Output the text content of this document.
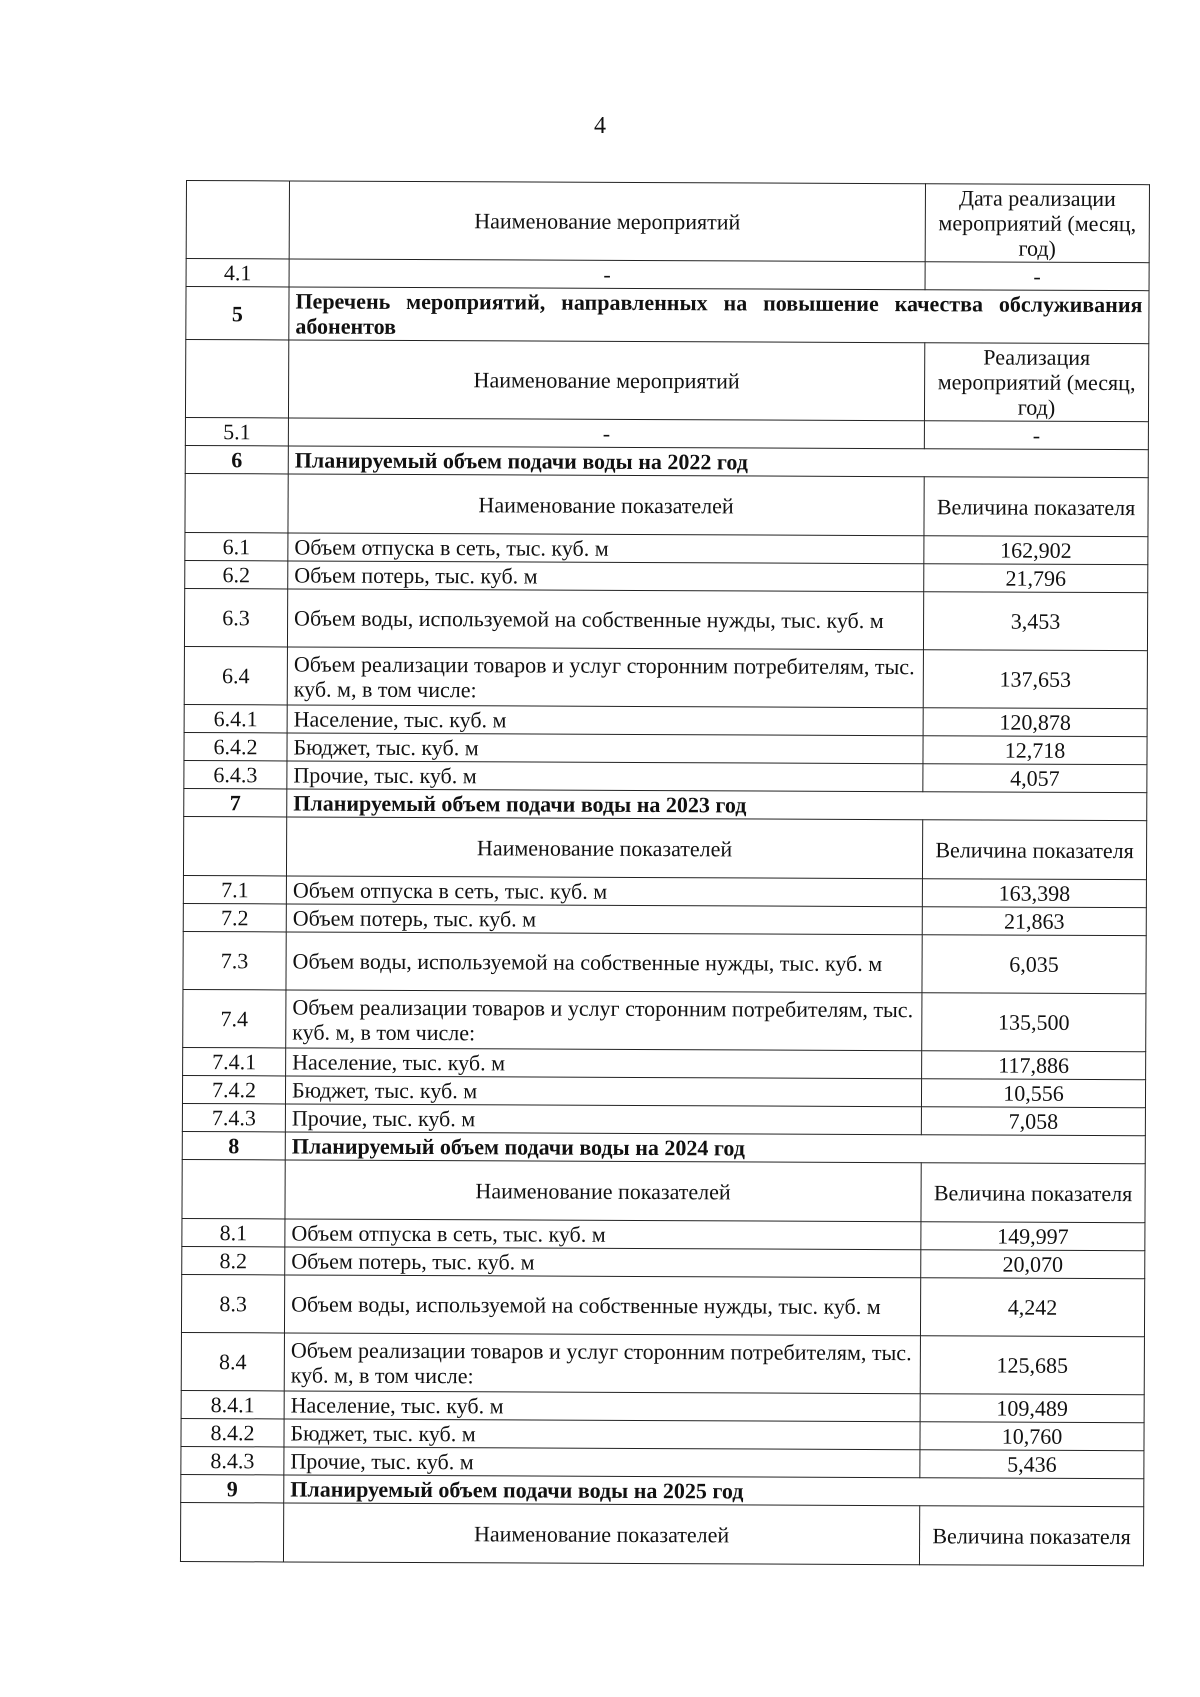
4
	Наименование мероприятий	Дата реализации мероприятий (месяц, год)
4.1	-	-
5	Перечень мероприятий, направленных на повышение качества обслуживания абонентов	
	Наименование мероприятий	Реализация мероприятий (месяц, год)
5.1	-	-
6	Планируемый объем подачи воды на 2022 год	
	Наименование показателей	Величина показателя
6.1	Объем отпуска в сеть, тыс. куб. м	162,902
6.2	Объем потерь, тыс. куб. м	21,796
6.3	Объем воды, используемой на собственные нужды, тыс. куб. м	3,453
6.4	Объем реализации товаров и услуг сторонним потребителям, тыс. куб. м, в том числе:	137,653
6.4.1	Население, тыс. куб. м	120,878
6.4.2	Бюджет, тыс. куб. м	12,718
6.4.3	Прочие, тыс. куб. м	4,057
7	Планируемый объем подачи воды на 2023 год	
	Наименование показателей	Величина показателя
7.1	Объем отпуска в сеть, тыс. куб. м	163,398
7.2	Объем потерь, тыс. куб. м	21,863
7.3	Объем воды, используемой на собственные нужды, тыс. куб. м	6,035
7.4	Объем реализации товаров и услуг сторонним потребителям, тыс. куб. м, в том числе:	135,500
7.4.1	Население, тыс. куб. м	117,886
7.4.2	Бюджет, тыс. куб. м	10,556
7.4.3	Прочие, тыс. куб. м	7,058
8	Планируемый объем подачи воды на 2024 год	
	Наименование показателей	Величина показателя
8.1	Объем отпуска в сеть, тыс. куб. м	149,997
8.2	Объем потерь, тыс. куб. м	20,070
8.3	Объем воды, используемой на собственные нужды, тыс. куб. м	4,242
8.4	Объем реализации товаров и услуг сторонним потребителям, тыс. куб. м, в том числе:	125,685
8.4.1	Население, тыс. куб. м	109,489
8.4.2	Бюджет, тыс. куб. м	10,760
8.4.3	Прочие, тыс. куб. м	5,436
9	Планируемый объем подачи воды на 2025 год	
	Наименование показателей	Величина показателя
